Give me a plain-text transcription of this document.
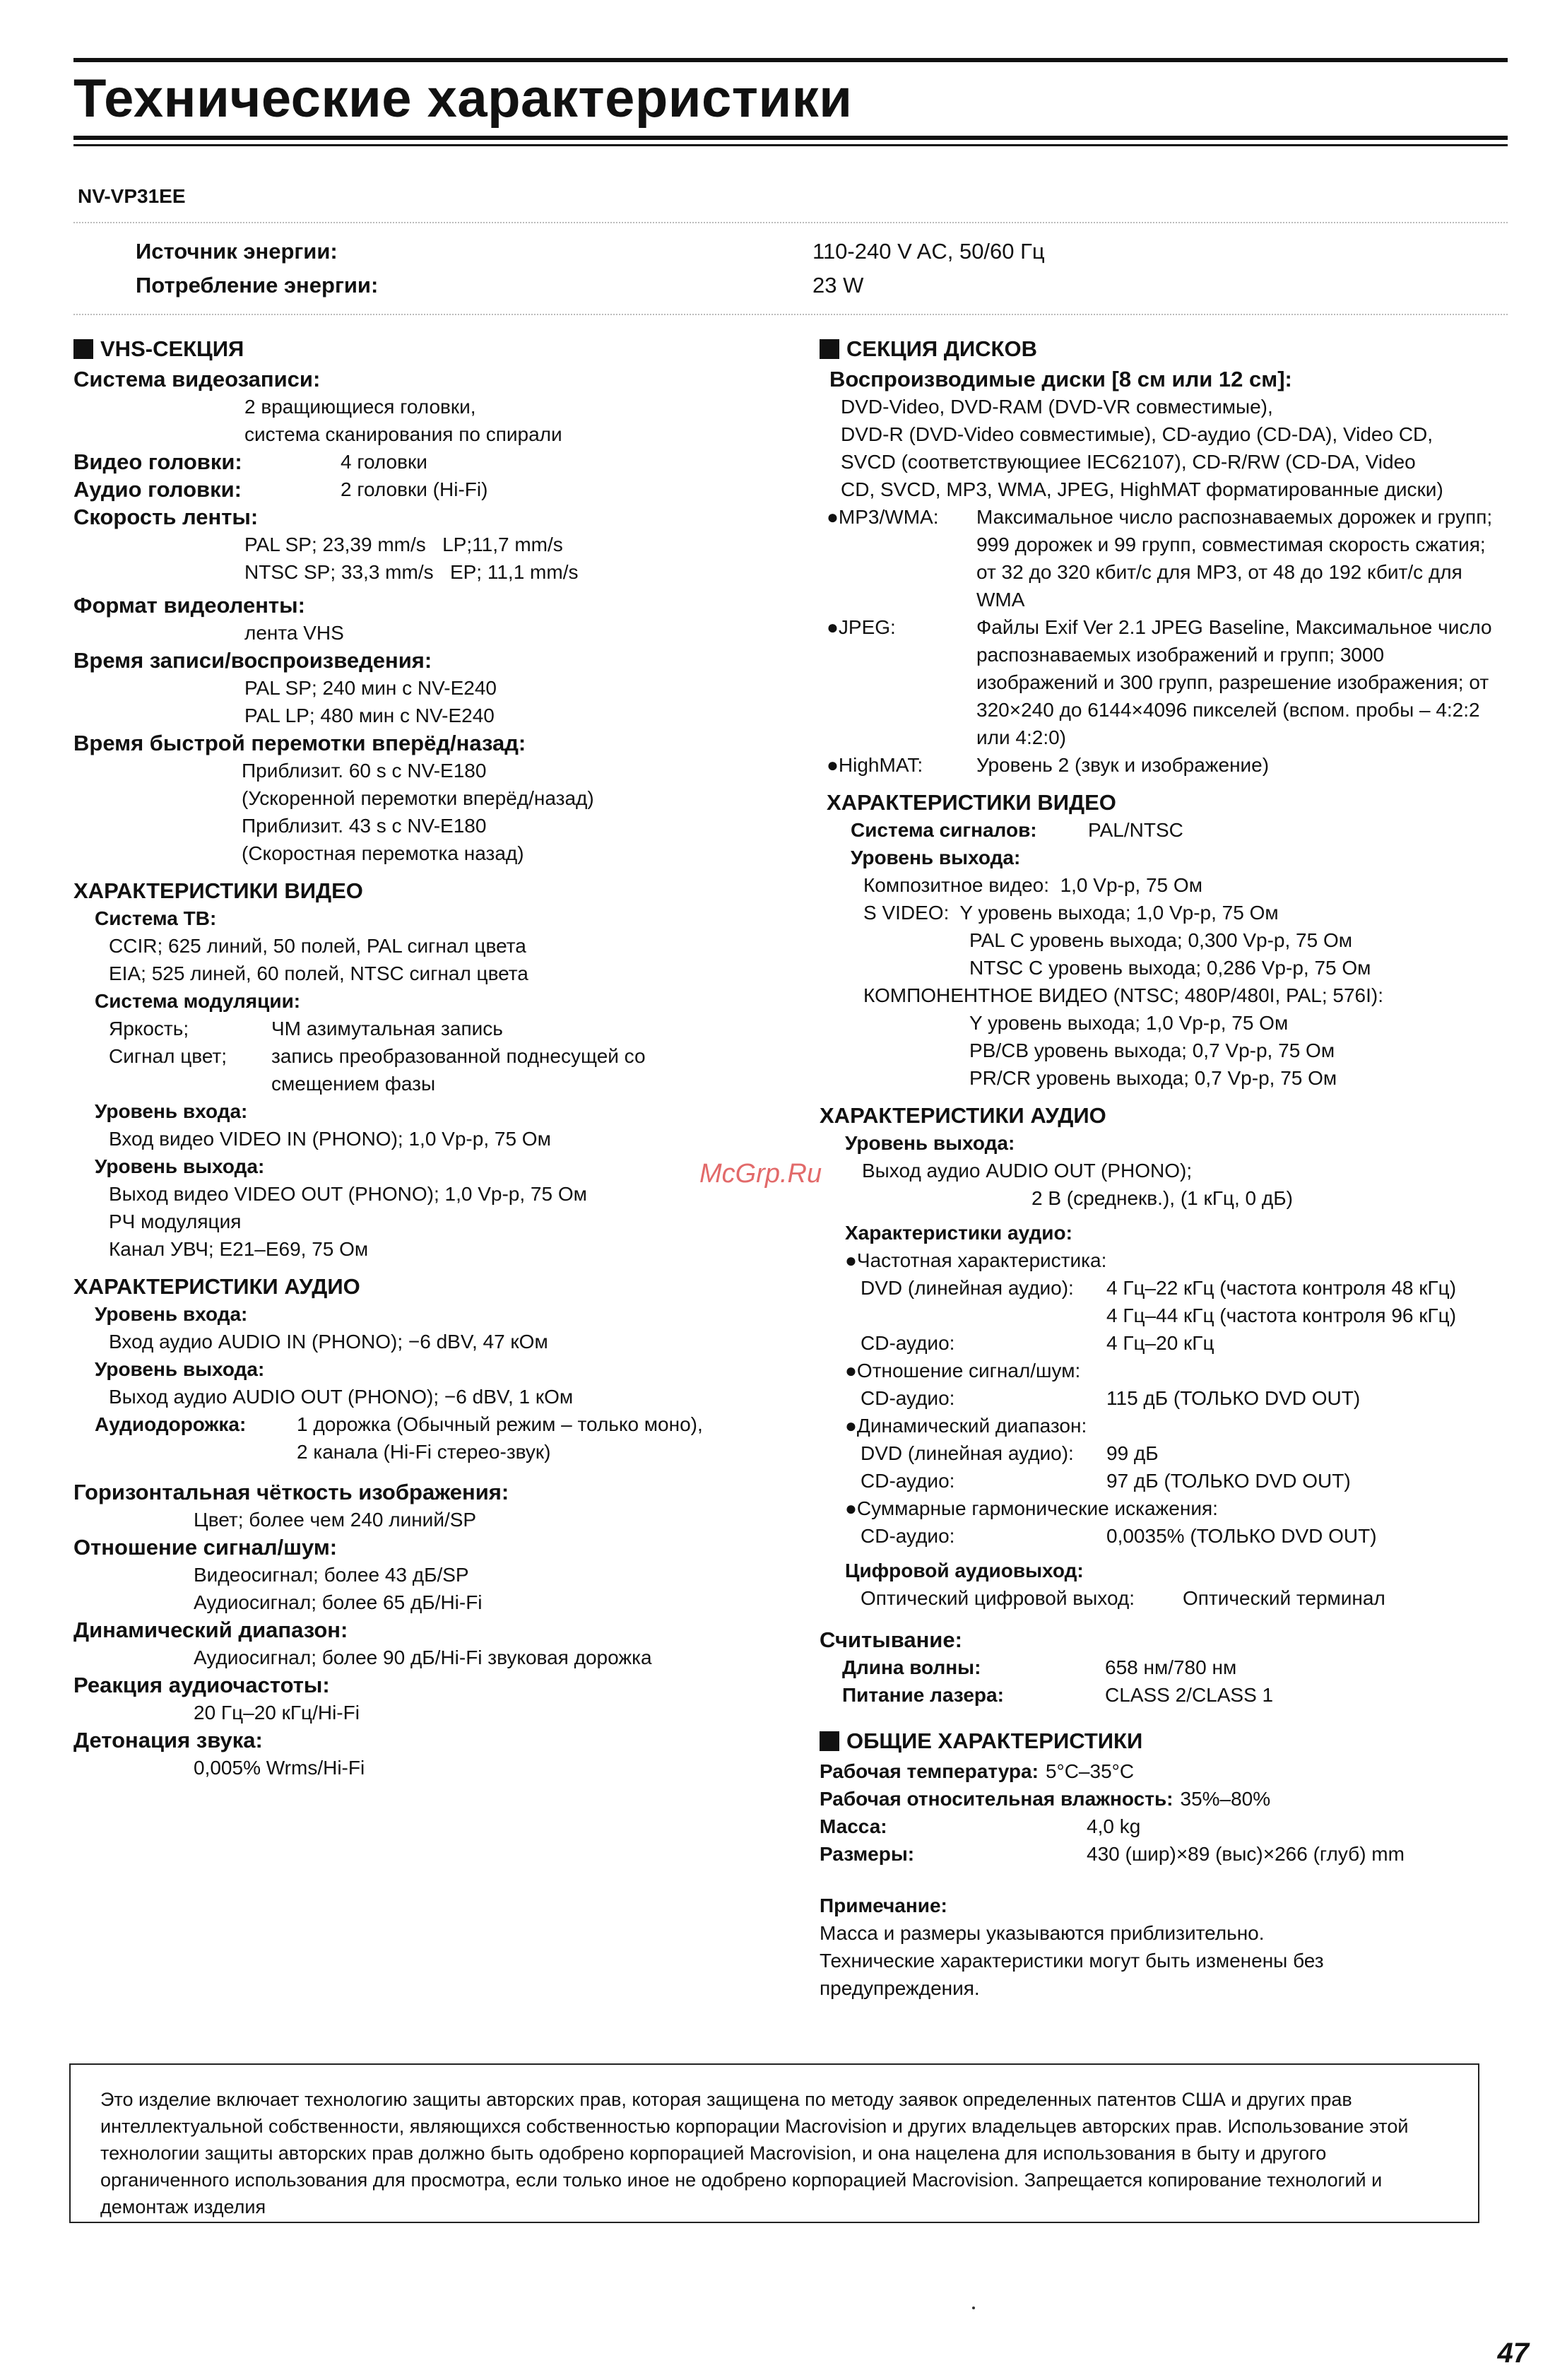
Технические характеристики
NV-VP31EE
Источник энергии:	110-240 V AC, 50/60 Гц
Потребление энергии:	23 W
VHS-СЕКЦИЯ
Система видеозаписи:
2 вращиющиеся головки,
система сканирования по спирали
Видео головки:	4 головки
Аудио головки:	2 головки (Hi-Fi)
Скорость ленты:
PAL SP; 23,39 mm/s   LP;11,7 mm/s
NTSC SP; 33,3 mm/s   EP; 11,1 mm/s
Формат видеоленты:
лента VHS
Время записи/воспроизведения:
PAL SP; 240 мин с NV-E240
PAL LP; 480 мин с NV-E240
Время быстрой перемотки вперёд/назад:
Приблизит. 60 s с NV-E180
(Ускоренной перемотки вперёд/назад)
Приблизит. 43 s с NV-E180
(Скоростная перемотка назад)
ХАРАКТЕРИСТИКИ ВИДЕО
Система ТВ:
CCIR; 625 линий, 50 полей, PAL сигнал цвета
EIA; 525 линей, 60 полей, NTSC сигнал цвета
Система модуляции:
Яркость;	ЧМ азимутальная запись
Сигнал цвет;	запись преобразованной поднесущей со
смещением фазы
Уровень входа:
Вход видео VIDEO IN (PHONO); 1,0 Vp-p, 75 Ом
Уровень выхода:
Выход видео VIDEO OUT (PHONO); 1,0 Vp-p, 75 Ом
РЧ модуляция
Канал УВЧ; E21–E69, 75 Ом
ХАРАКТЕРИСТИКИ АУДИО
Уровень входа:
Вход аудио AUDIO IN (PHONO); −6 dBV, 47 кОм
Уровень выхода:
Выход аудио AUDIO OUT (PHONO); −6 dBV, 1 кОм
Аудиодорожка:	1 дорожка (Обычный режим – только моно),
2 канала (Hi-Fi стерео-звук)
Горизонтальная чёткость изображения:
Цвет; более чем 240 линий/SP
Отношение сигнал/шум:
Видеосигнал; более 43 дБ/SP
Аудиосигнал; более 65 дБ/Hi-Fi
Динамический диапазон:
Аудиосигнал; более 90 дБ/Hi-Fi звуковая дорожка
Реакция аудиочастоты:
20 Гц–20 кГц/Hi-Fi
Детонация звука:
0,005% Wrms/Hi-Fi
СЕКЦИЯ ДИСКОВ
Воспроизводимые диски [8 см или 12 см]:
DVD-Video, DVD-RAM (DVD-VR совместимые),
DVD-R (DVD-Video совместимые), CD-аудио (CD-DA), Video CD,
SVCD (соответствующиее IEC62107), CD-R/RW (CD-DA, Video
CD, SVCD, MP3, WMA, JPEG, HighMAT форматированные диски)
●MP3/WMA:	Максимальное число распознаваемых дорожек и групп; 999 дорожек и 99 групп, совместимая скорость сжатия; от 32 до 320 кбит/с для MP3, от 48 до 192 кбит/с для WMA
●JPEG:	Файлы Exif Ver 2.1 JPEG Baseline, Максимальное число распознаваемых изображений и групп; 3000 изображений и 300 групп, разрешение изображения; от 320×240 до 6144×4096 пикселей (вспом. пробы – 4:2:2 или 4:2:0)
●HighMAT:	Уровень 2 (звук и изображение)
ХАРАКТЕРИСТИКИ ВИДЕО
Система сигналов:	PAL/NTSC
Уровень выхода:
Композитное видео:  1,0 Vp-p, 75 Ом
S VIDEO:  Y уровень выхода; 1,0 Vp-p, 75 Ом
PAL C уровень выхода; 0,300 Vp-p, 75 Ом
NTSC C уровень выхода; 0,286 Vp-p, 75 Ом
КОМПОНЕНТНОЕ ВИДЕО (NTSC; 480P/480I, PAL; 576I):
Y уровень выхода; 1,0 Vp-p, 75 Ом
PB/CB уровень выхода; 0,7 Vp-p, 75 Ом
PR/CR уровень выхода; 0,7 Vp-p, 75 Ом
ХАРАКТЕРИСТИКИ АУДИО
Уровень выхода:
Выход аудио AUDIO OUT (PHONO);
2 В (среднекв.), (1 кГц, 0 дБ)
Характеристики аудио:
●Частотная характеристика:
DVD (линейная аудио):	4 Гц–22 кГц (частота контроля 48 кГц)
4 Гц–44 кГц (частота контроля 96 кГц)
CD-аудио:	4 Гц–20 кГц
●Отношение сигнал/шум:
CD-аудио:	115 дБ (ТОЛЬКО DVD OUT)
●Динамический диапазон:
DVD (линейная аудио):	99 дБ
CD-аудио:	97 дБ (ТОЛЬКО DVD OUT)
●Суммарные гармонические искажения:
CD-аудио:	0,0035% (ТОЛЬКО DVD OUT)
Цифровой аудиовыход:
Оптический цифровой выход:	Оптический терминал
Считывание:
Длина волны:	658 нм/780 нм
Питание лазера:	CLASS 2/CLASS 1
ОБЩИЕ ХАРАКТЕРИСТИКИ
Рабочая температура: 5°C–35°C
Рабочая относительная влажность: 35%–80%
Масса:	4,0 kg
Размеры:	430 (шир)×89 (выс)×266 (глуб) mm
Примечание:
Масса и размеры указываются приблизительно.
Технические характеристики могут быть изменены без
предупреждения.
McGrp.Ru
Это изделие включает технологию защиты авторских прав, которая защищена по методу заявок определенных патентов США и других прав интеллектуальной собственности, являющихся собственностью корпорации Macrovision и других владельцев авторских прав. Использование этой технологии защиты авторских прав должно быть одобрено корпорацией Macrovision, и она нацелена для использования в быту и другого органиченного использования для просмотра, если только иное не одобрено корпорацией Macrovision. Запрещается копирование технологий и демонтаж изделия
47
